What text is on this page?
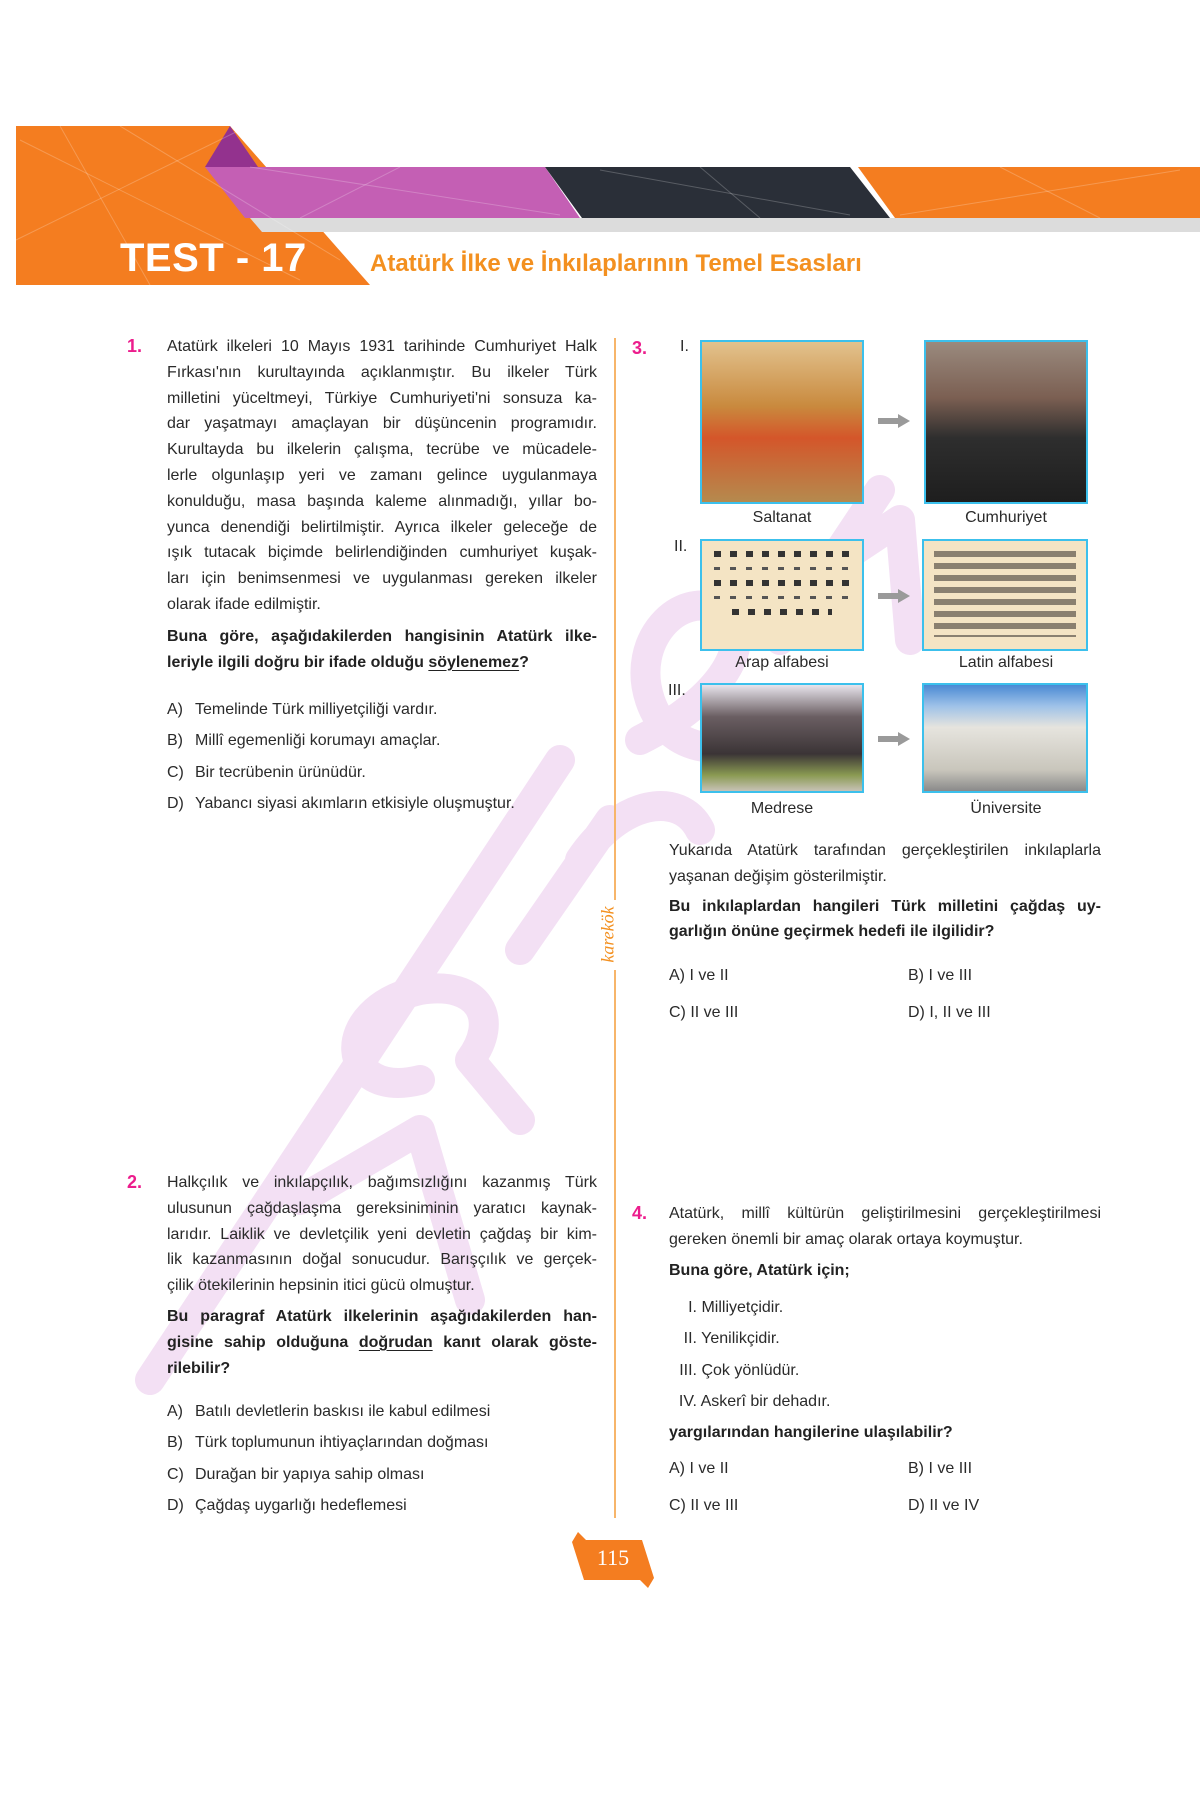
TEST - 17	Atatürk İlke ve İnkılaplarının Temel Esasları
1. Atatürk ilkeleri 10 Mayıs 1931 tarihinde Cumhuriyet Halk
Fırkası'nın kurultayında açıklanmıştır. Bu ilkeler Türk
milletini yüceltmeyi, Türkiye Cumhuriyeti'ni sonsuza ka-
dar yaşatmayı amaçlayan bir düşüncenin programıdır.
Kurultayda bu ilkelerin çalışma, tecrübe ve mücadele-
lerle olgunlaşıp yeri ve zamanı gelince uygulanmaya
konulduğu, masa başında kaleme alınmadığı, yıllar bo-
yunca denendiği belirtilmiştir. Ayrıca ilkeler geleceğe de
ışık tutacak biçimde belirlendiğinden cumhuriyet kuşak-
ları için benimsenmesi ve uygulanması gereken ilkeler
olarak ifade edilmiştir.
Buna göre, aşağıdakilerden hangisinin Atatürk ilke-
leriyle ilgili doğru bir ifade olduğu söylenemez?
A) Temelinde Türk milliyetçiliği vardır.
B) Millî egemenliği korumayı amaçlar.
C) Bir tecrübenin ürünüdür.
D) Yabancı siyasi akımların etkisiyle oluşmuştur.
2. Halkçılık ve inkılapçılık, bağımsızlığını kazanmış Türk
ulusunun çağdaşlaşma gereksiniminin yaratıcı kaynak-
larıdır. Laiklik ve devletçilik yeni devletin çağdaş bir kim-
lik kazanmasının doğal sonucudur. Barışçılık ve gerçek-
çilik ötekilerinin hepsinin itici gücü olmuştur.
Bu paragraf Atatürk ilkelerinin aşağıdakilerden han-
gisine sahip olduğuna doğrudan kanıt olarak göste-
rilebilir?
A) Batılı devletlerin baskısı ile kabul edilmesi
B) Türk toplumunun ihtiyaçlarından doğması
C) Durağan bir yapıya sahip olması
D) Çağdaş uygarlığı hedeflemesi
karekök
3. I.
II.
III.
Saltanat	Cumhuriyet
Arap alfabesi	Latin alfabesi
Medrese	Üniversite
Yukarıda Atatürk tarafından gerçekleştirilen inkılaplarla
yaşanan değişim gösterilmiştir.
Bu inkılaplardan hangileri Türk milletini çağdaş uy-
garlığın önüne geçirmek hedefi ile ilgilidir?
A) I ve II	B) I ve III
C) II ve III	D) I, II ve III
4. Atatürk, millî kültürün geliştirilmesini gerçekleştirilmesi
gereken önemli bir amaç olarak ortaya koymuştur.
Buna göre, Atatürk için;
I. Milliyetçidir.
II. Yenilikçidir.
III. Çok yönlüdür.
IV. Askerî bir dehadır.
yargılarından hangilerine ulaşılabilir?
A) I ve II	B) I ve III
C) II ve III	D) II ve IV
115
